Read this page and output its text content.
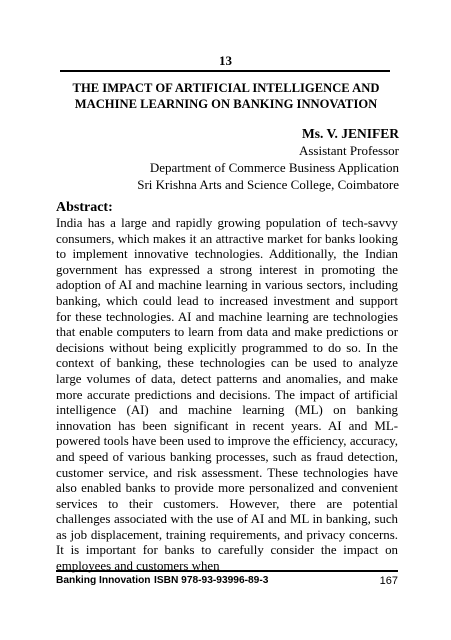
13
THE IMPACT OF ARTIFICIAL INTELLIGENCE AND MACHINE LEARNING ON BANKING INNOVATION
Ms. V. JENIFER
Assistant Professor
Department of Commerce Business Application
Sri Krishna Arts and Science College, Coimbatore
Abstract:
India has a large and rapidly growing population of tech-savvy consumers, which makes it an attractive market for banks looking to implement innovative technologies. Additionally, the Indian government has expressed a strong interest in promoting the adoption of AI and machine learning in various sectors, including banking, which could lead to increased investment and support for these technologies. AI and machine learning are technologies that enable computers to learn from data and make predictions or decisions without being explicitly programmed to do so. In the context of banking, these technologies can be used to analyze large volumes of data, detect patterns and anomalies, and make more accurate predictions and decisions. The impact of artificial intelligence (AI) and machine learning (ML) on banking innovation has been significant in recent years. AI and ML-powered tools have been used to improve the efficiency, accuracy, and speed of various banking processes, such as fraud detection, customer service, and risk assessment. These technologies have also enabled banks to provide more personalized and convenient services to their customers. However, there are potential challenges associated with the use of AI and ML in banking, such as job displacement, training requirements, and privacy concerns. It is important for banks to carefully consider the impact on employees and customers when
Banking Innovation ISBN 978-93-93996-89-3	167
